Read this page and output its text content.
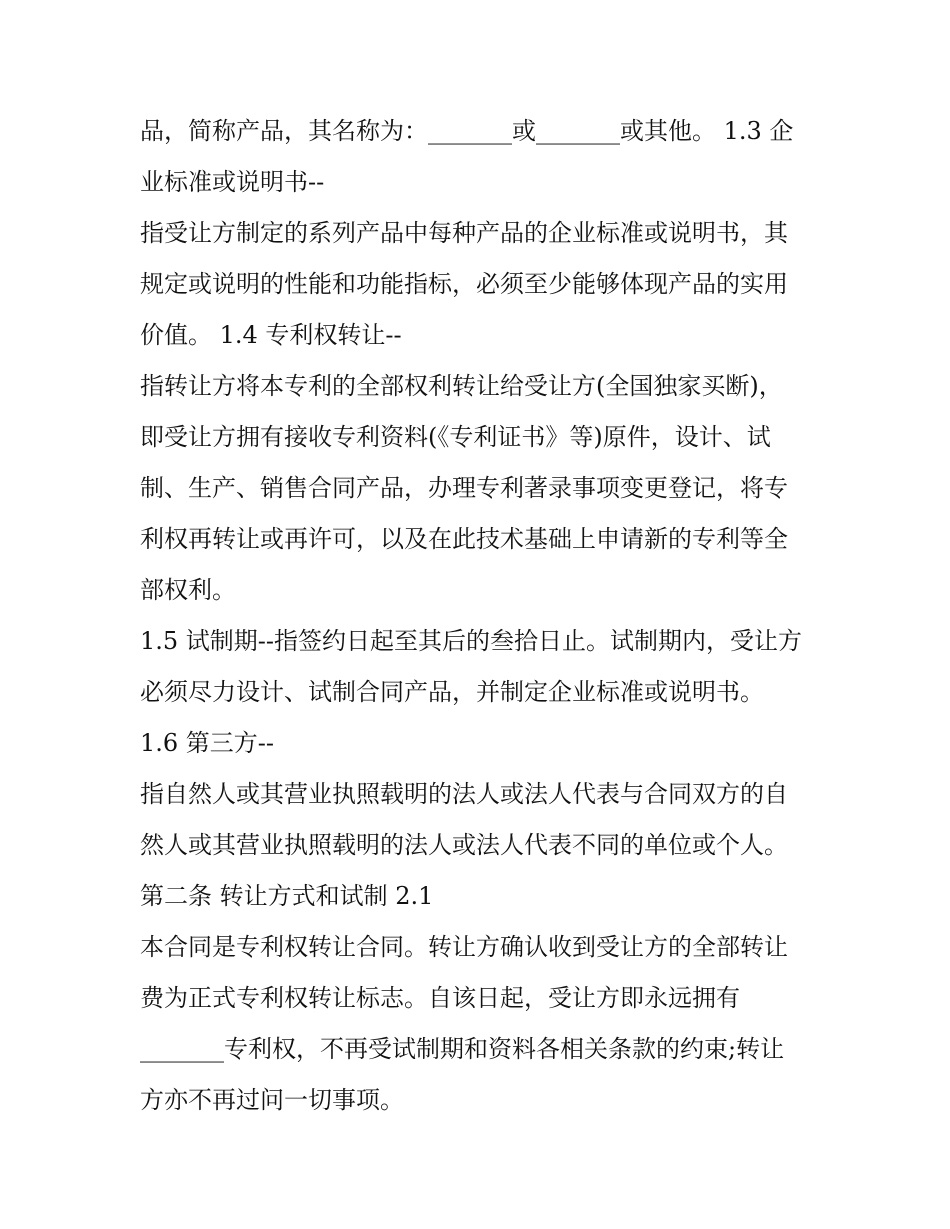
品，简称产品，其名称为：_______或_______或其他。 1.3 企
业标准或说明书--
指受让方制定的系列产品中每种产品的企业标准或说明书，其
规定或说明的性能和功能指标，必须至少能够体现产品的实用
价值。 1.4 专利权转让--
指转让方将本专利的全部权利转让给受让方(全国独家买断)，
即受让方拥有接收专利资料(《专利证书》等)原件，设计、试
制、生产、销售合同产品，办理专利著录事项变更登记，将专
利权再转让或再许可，以及在此技术基础上申请新的专利等全
部权利。
1.5 试制期--指签约日起至其后的叁拾日止。试制期内，受让方
必须尽力设计、试制合同产品，并制定企业标准或说明书。
1.6 第三方--
指自然人或其营业执照载明的法人或法人代表与合同双方的自
然人或其营业执照载明的法人或法人代表不同的单位或个人。
第二条 转让方式和试制 2.1
本合同是专利权转让合同。转让方确认收到受让方的全部转让
费为正式专利权转让标志。自该日起，受让方即永远拥有
_______专利权，不再受试制期和资料各相关条款的约束;转让
方亦不再过问一切事项。
